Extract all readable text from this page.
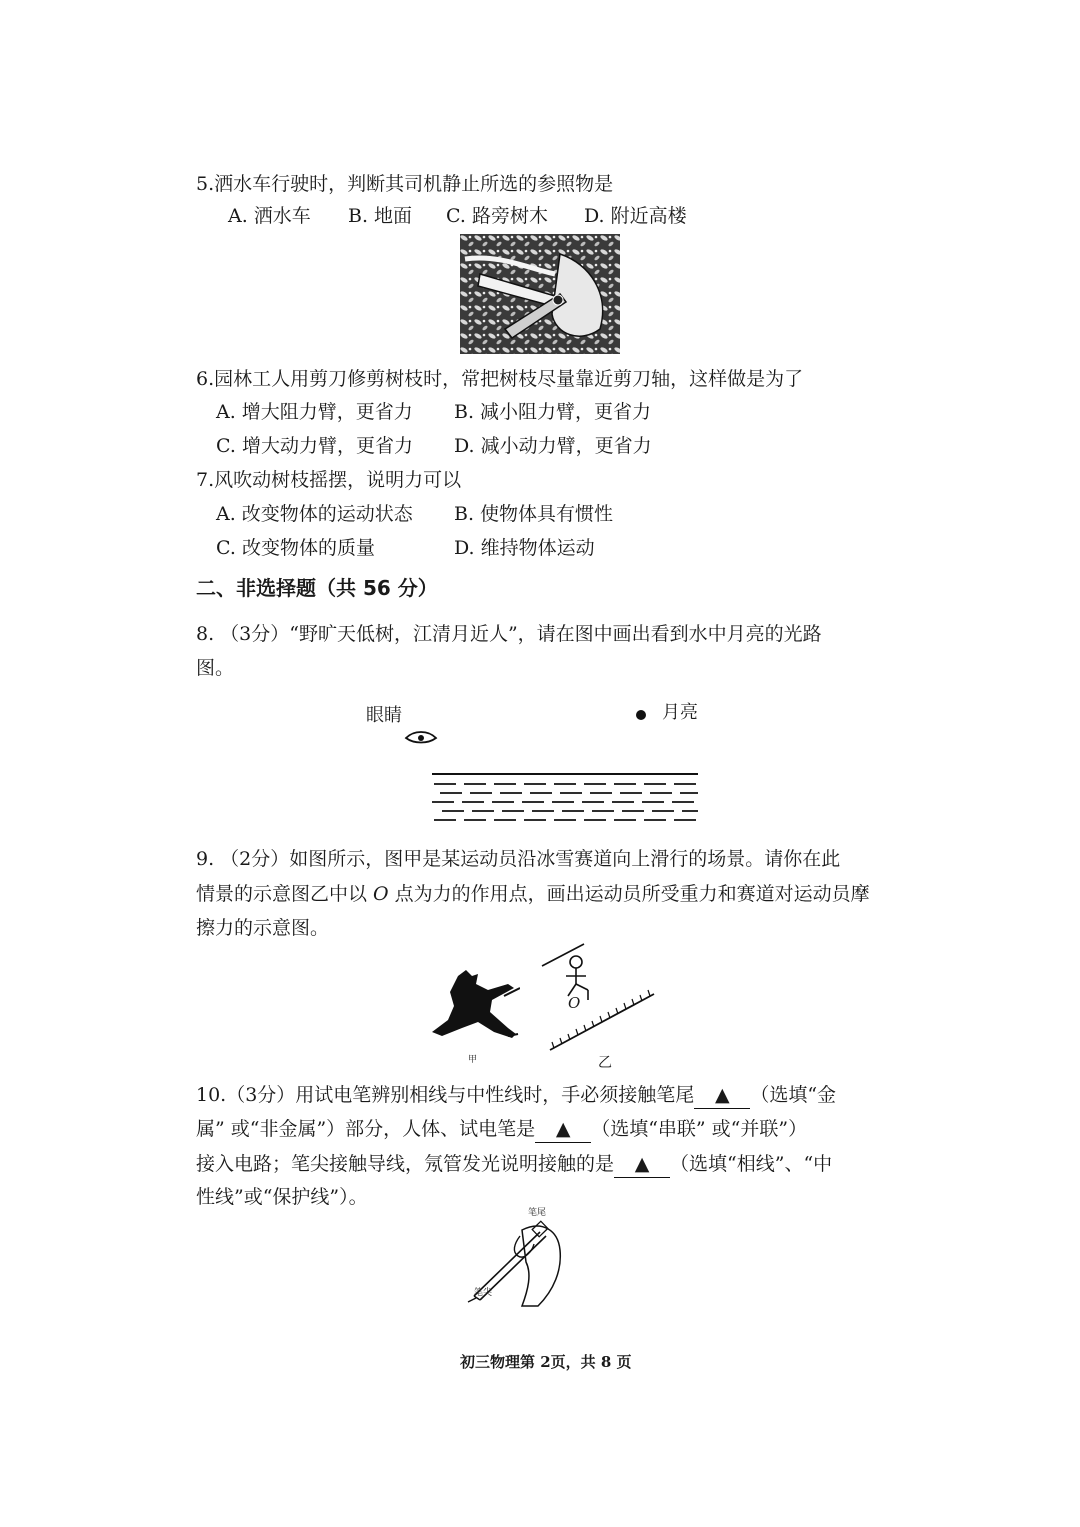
5.洒水车行驶时，判断其司机静止所选的参照物是
A. 洒水车 B. 地面 C. 路旁树木 D. 附近高楼
6.园林工人用剪刀修剪树枝时，常把树枝尽量靠近剪刀轴，这样做是为了
A. 增大阻力臂，更省力 B. 减小阻力臂，更省力
C. 增大动力臂，更省力 D. 减小动力臂，更省力
7.风吹动树枝摇摆，说明力可以
A. 改变物体的运动状态 B. 使物体具有惯性
C. 改变物体的质量	D. 维持物体运动
二、非选择题（共 56 分）
8. （3分）“野旷天低树，江清月近人”，请在图中画出看到水中月亮的光路
图。
眼睛	月亮
9. （2分）如图所示，图甲是某运动员沿冰雪赛道向上滑行的场景。请你在此
情景的示意图乙中以 O 点为力的作用点，画出运动员所受重力和赛道对运动员摩
擦力的示意图。
甲
O
乙
10.（3分）用试电笔辨别相线与中性线时，手必须接触笔尾 ▲ （选填“金
属” 或“非金属”）部分，人体、试电笔是 ▲ （选填“串联” 或“并联”）
接入电路；笔尖接触导线，氖管发光说明接触的是 ▲ （选填“相线”、“中
性线”或“保护线”）。
笔尾
笔尖
初三物理第 2页，共 8 页
